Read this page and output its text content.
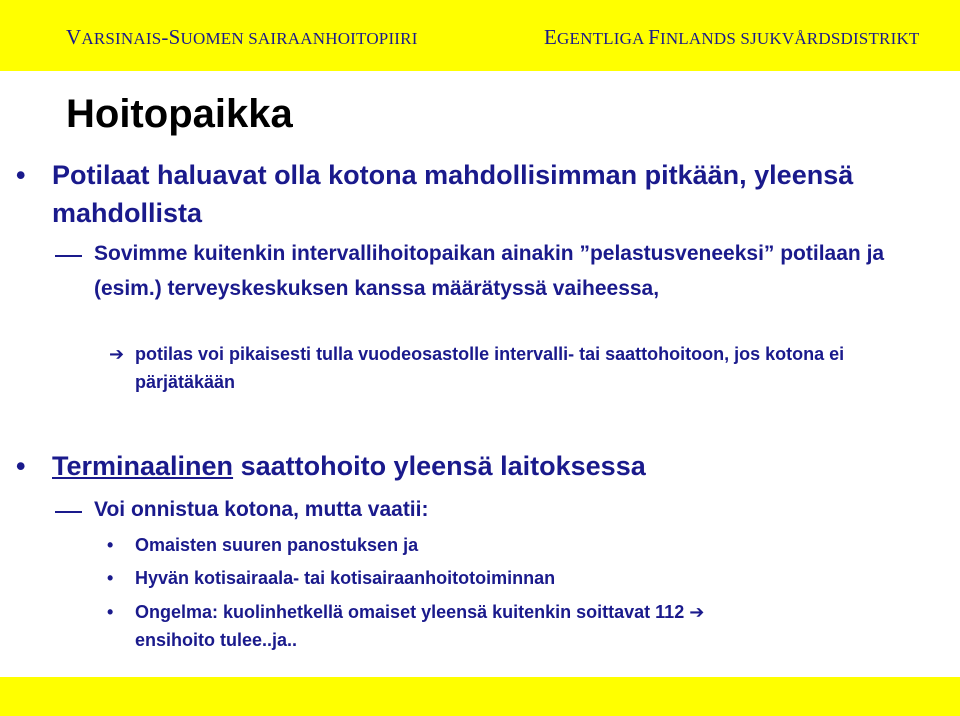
VARSINAIS-SUOMEN SAIRAANHOITOPIIRI	EGENTLIGA FINLANDS SJUKVÅRDSDISTRIKT
Hoitopaikka
• Potilaat haluavat olla kotona mahdollisimman pitkään, yleensä mahdollista
Sovimme kuitenkin intervallihoitopaikan ainakin ”pelastusveneeksi” potilaan ja (esim.) terveyskeskuksen kanssa määrätyssä vaiheessa,
➔ potilas voi pikaisesti tulla vuodeosastolle intervalli- tai saattohoitoon, jos kotona ei pärjätäkään
• Terminaalinen saattohoito yleensä laitoksessa
Voi onnistua kotona, mutta vaatii:
• Omaisten suuren panostuksen ja
• Hyvän kotisairaala- tai kotisairaanhoitotoiminnan
• Ongelma: kuolinhetkellä omaiset yleensä kuitenkin soittavat 112 ➔
ensihoito tulee..ja..
